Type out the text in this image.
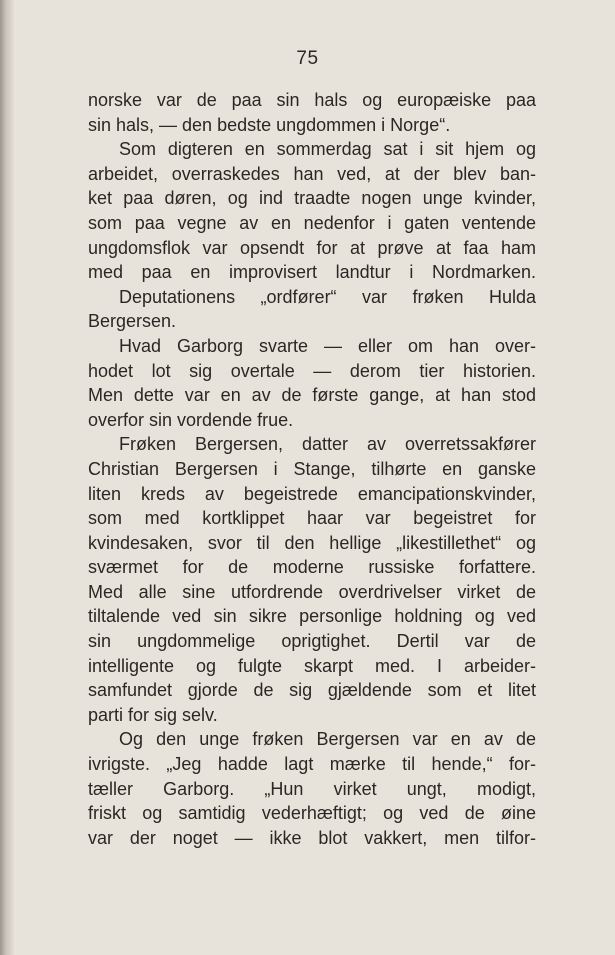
75
norske var de paa sin hals og europæiske paa
sin hals, — den bedste ungdommen i Norge“.
Som digteren en sommerdag sat i sit hjem og
arbeidet, overraskedes han ved, at der blev ban-
ket paa døren, og ind traadte nogen unge kvinder,
som paa vegne av en nedenfor i gaten ventende
ungdomsflok var opsendt for at prøve at faa ham
med paa en improvisert landtur i Nordmarken.
Deputationens „ordfører“ var frøken Hulda
Bergersen.
Hvad Garborg svarte — eller om han over-
hodet lot sig overtale — derom tier historien.
Men dette var en av de første gange, at han stod
overfor sin vordende frue.
Frøken Bergersen, datter av overretssakfører
Christian Bergersen i Stange, tilhørte en ganske
liten kreds av begeistrede emancipationskvinder,
som med kortklippet haar var begeistret for
kvindesaken, svor til den hellige „likestillethet“ og
sværmet for de moderne russiske forfattere.
Med alle sine utfordrende overdrivelser virket de
tiltalende ved sin sikre personlige holdning og ved
sin ungdommelige oprigtighet. Dertil var de
intelligente og fulgte skarpt med. I arbeider-
samfundet gjorde de sig gjældende som et litet
parti for sig selv.
Og den unge frøken Bergersen var en av de
ivrigste. „Jeg hadde lagt mærke til hende,“ for-
tæller Garborg. „Hun virket ungt, modigt,
friskt og samtidig vederhæftigt; og ved de øine
var der noget — ikke blot vakkert, men tilfor-
